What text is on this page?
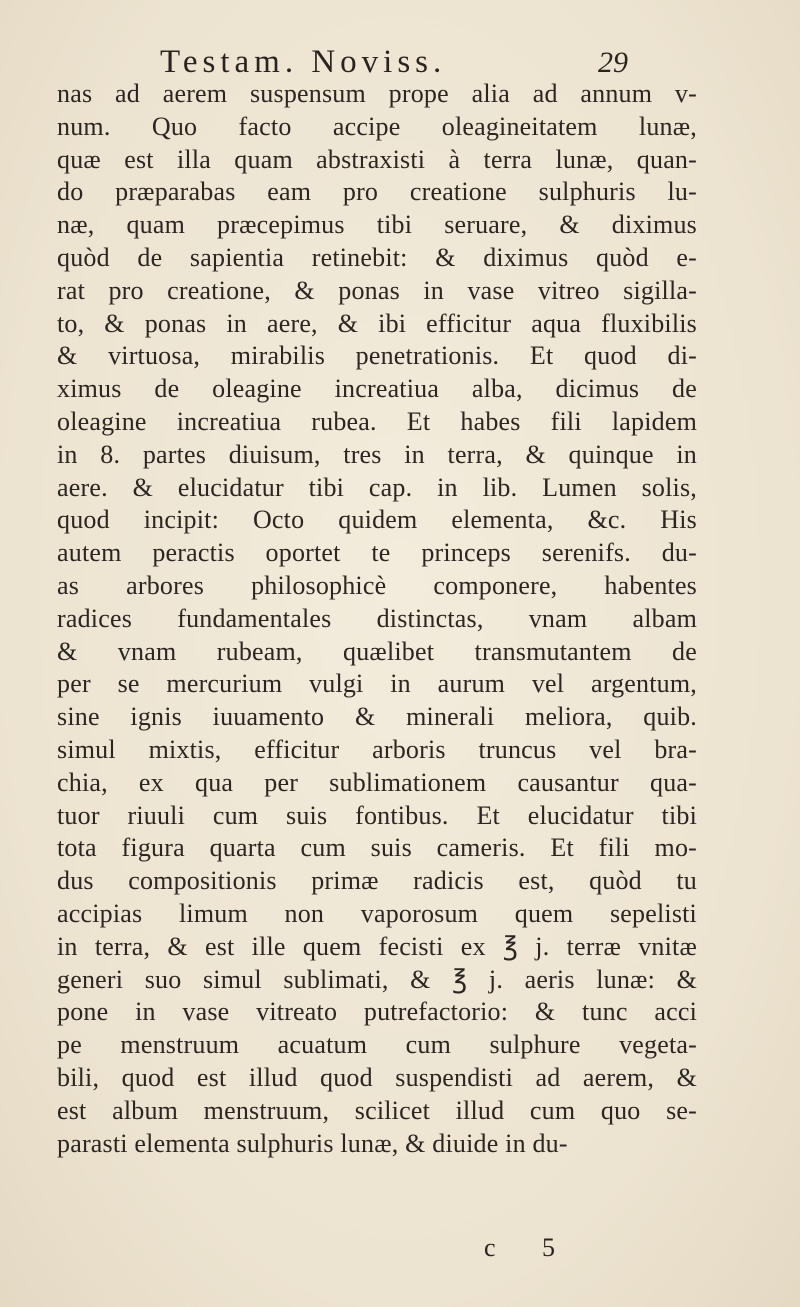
Testam. Noviss.	29
nas ad aerem suspensum prope alia ad annum v-
num. Quo facto accipe oleagineitatem lunæ,
quæ est illa quam abstraxisti à terra lunæ, quan-
do præparabas eam pro creatione sulphuris lu-
næ, quam præcepimus tibi seruare, & diximus
quòd de sapientia retinebit: & diximus quòd e-
rat pro creatione, & ponas in vase vitreo sigilla-
to, & ponas in aere, & ibi efficitur aqua fluxibilis
& virtuosa, mirabilis penetrationis. Et quod di-
ximus de oleagine increatiua alba, dicimus de
oleagine increatiua rubea. Et habes fili lapidem
in 8. partes diuisum, tres in terra, & quinque in
aere. & elucidatur tibi cap. in lib. Lumen solis,
quod incipit: Octo quidem elementa, &c. His
autem peractis oportet te princeps serenifs. du-
as arbores philosophicè componere, habentes
radices fundamentales distinctas, vnam albam
& vnam rubeam, quælibet transmutantem de
per se mercurium vulgi in aurum vel argentum,
sine ignis iuuamento & minerali meliora, quib.
simul mixtis, efficitur arboris truncus vel bra-
chia, ex qua per sublimationem causantur qua-
tuor riuuli cum suis fontibus. Et elucidatur tibi
tota figura quarta cum suis cameris. Et fili mo-
dus compositionis primæ radicis est, quòd tu
accipias limum non vaporosum quem sepelisti
in terra, & est ille quem fecisti ex ℥ j. terræ vnitæ
generi suo simul sublimati, & ℥ j. aeris lunæ: &
pone in vase vitreato putrefactorio: & tunc acci
pe menstruum acuatum cum sulphure vegeta-
bili, quod est illud quod suspendisti ad aerem, &
est album menstruum, scilicet illud cum quo se-
parasti elementa sulphuris lunæ, & diuide in du-
c 5
